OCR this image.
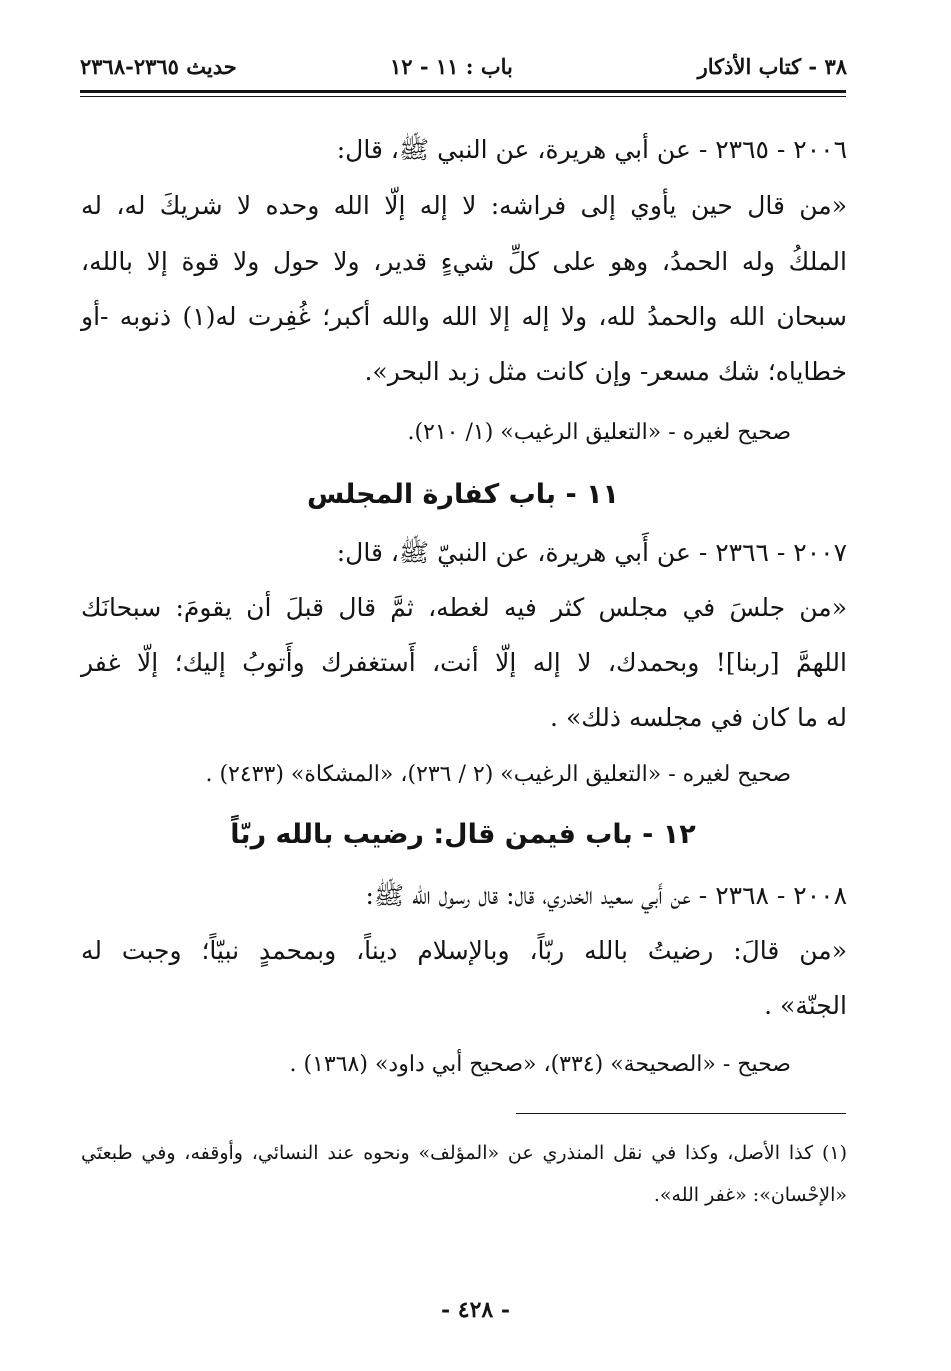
٣٨ - كتاب الأذكار
باب : ١١ - ١٢
حديث ٢٣٦٥-٢٣٦٨
٢٠٠٦ - ٢٣٦٥ - عن أبي هريرة، عن النبي ﷺ، قال:
«من قال حين يأوي إلى فراشه: لا إله إلّا الله وحده لا شريكَ له، له
الملكُ وله الحمدُ، وهو على كلِّ شيءٍ قدير، ولا حول ولا قوة إلا بالله،
سبحان الله والحمدُ لله، ولا إله إلا الله والله أكبر؛ غُفِرت له(١) ذنوبه -أو
خطاياه؛ شك مسعر- وإن كانت مثل زبد البحر».
صحيح لغيره - «التعليق الرغيب» (١/ ٢١٠).
١١ - باب كفارة المجلس
٢٠٠٧ - ٢٣٦٦ - عن أَبي هريرة، عن النبيّ ﷺ، قال:
«من جلسَ في مجلس كثر فيه لغطه، ثمَّ قال قبلَ أن يقومَ: سبحانَك
اللهمَّ [ربنا]! وبحمدك، لا إله إلّا أنت، أَستغفرك وأَتوبُ إليك؛ إلّا غفر
له ما كان في مجلسه ذلك» .
صحيح لغيره - «التعليق الرغيب» (٢ / ٢٣٦)، «المشكاة» (٢٤٣٣) .
١٢ - باب فيمن قال: رضيب بالله ربّاً
٢٠٠٨ - ٢٣٦٨ - عن أَبي سعيد الخدري، قال: قال رسول الله ﷺ:
«من قالَ: رضيتُ بالله ربّاً، وبالإسلام ديناً، وبمحمدٍ نبيّاً؛ وجبت له
الجنّة» .
صحيح - «الصحيحة» (٣٣٤)، «صحيح أبي داود» (١٣٦٨) .
(١) كذا الأصل، وكذا في نقل المنذري عن «المؤلف» ونحوه عند النسائي، وأوقفه، وفي طبعتَي
«الإحْسان»: «غفر الله».
- ٤٢٨ -
